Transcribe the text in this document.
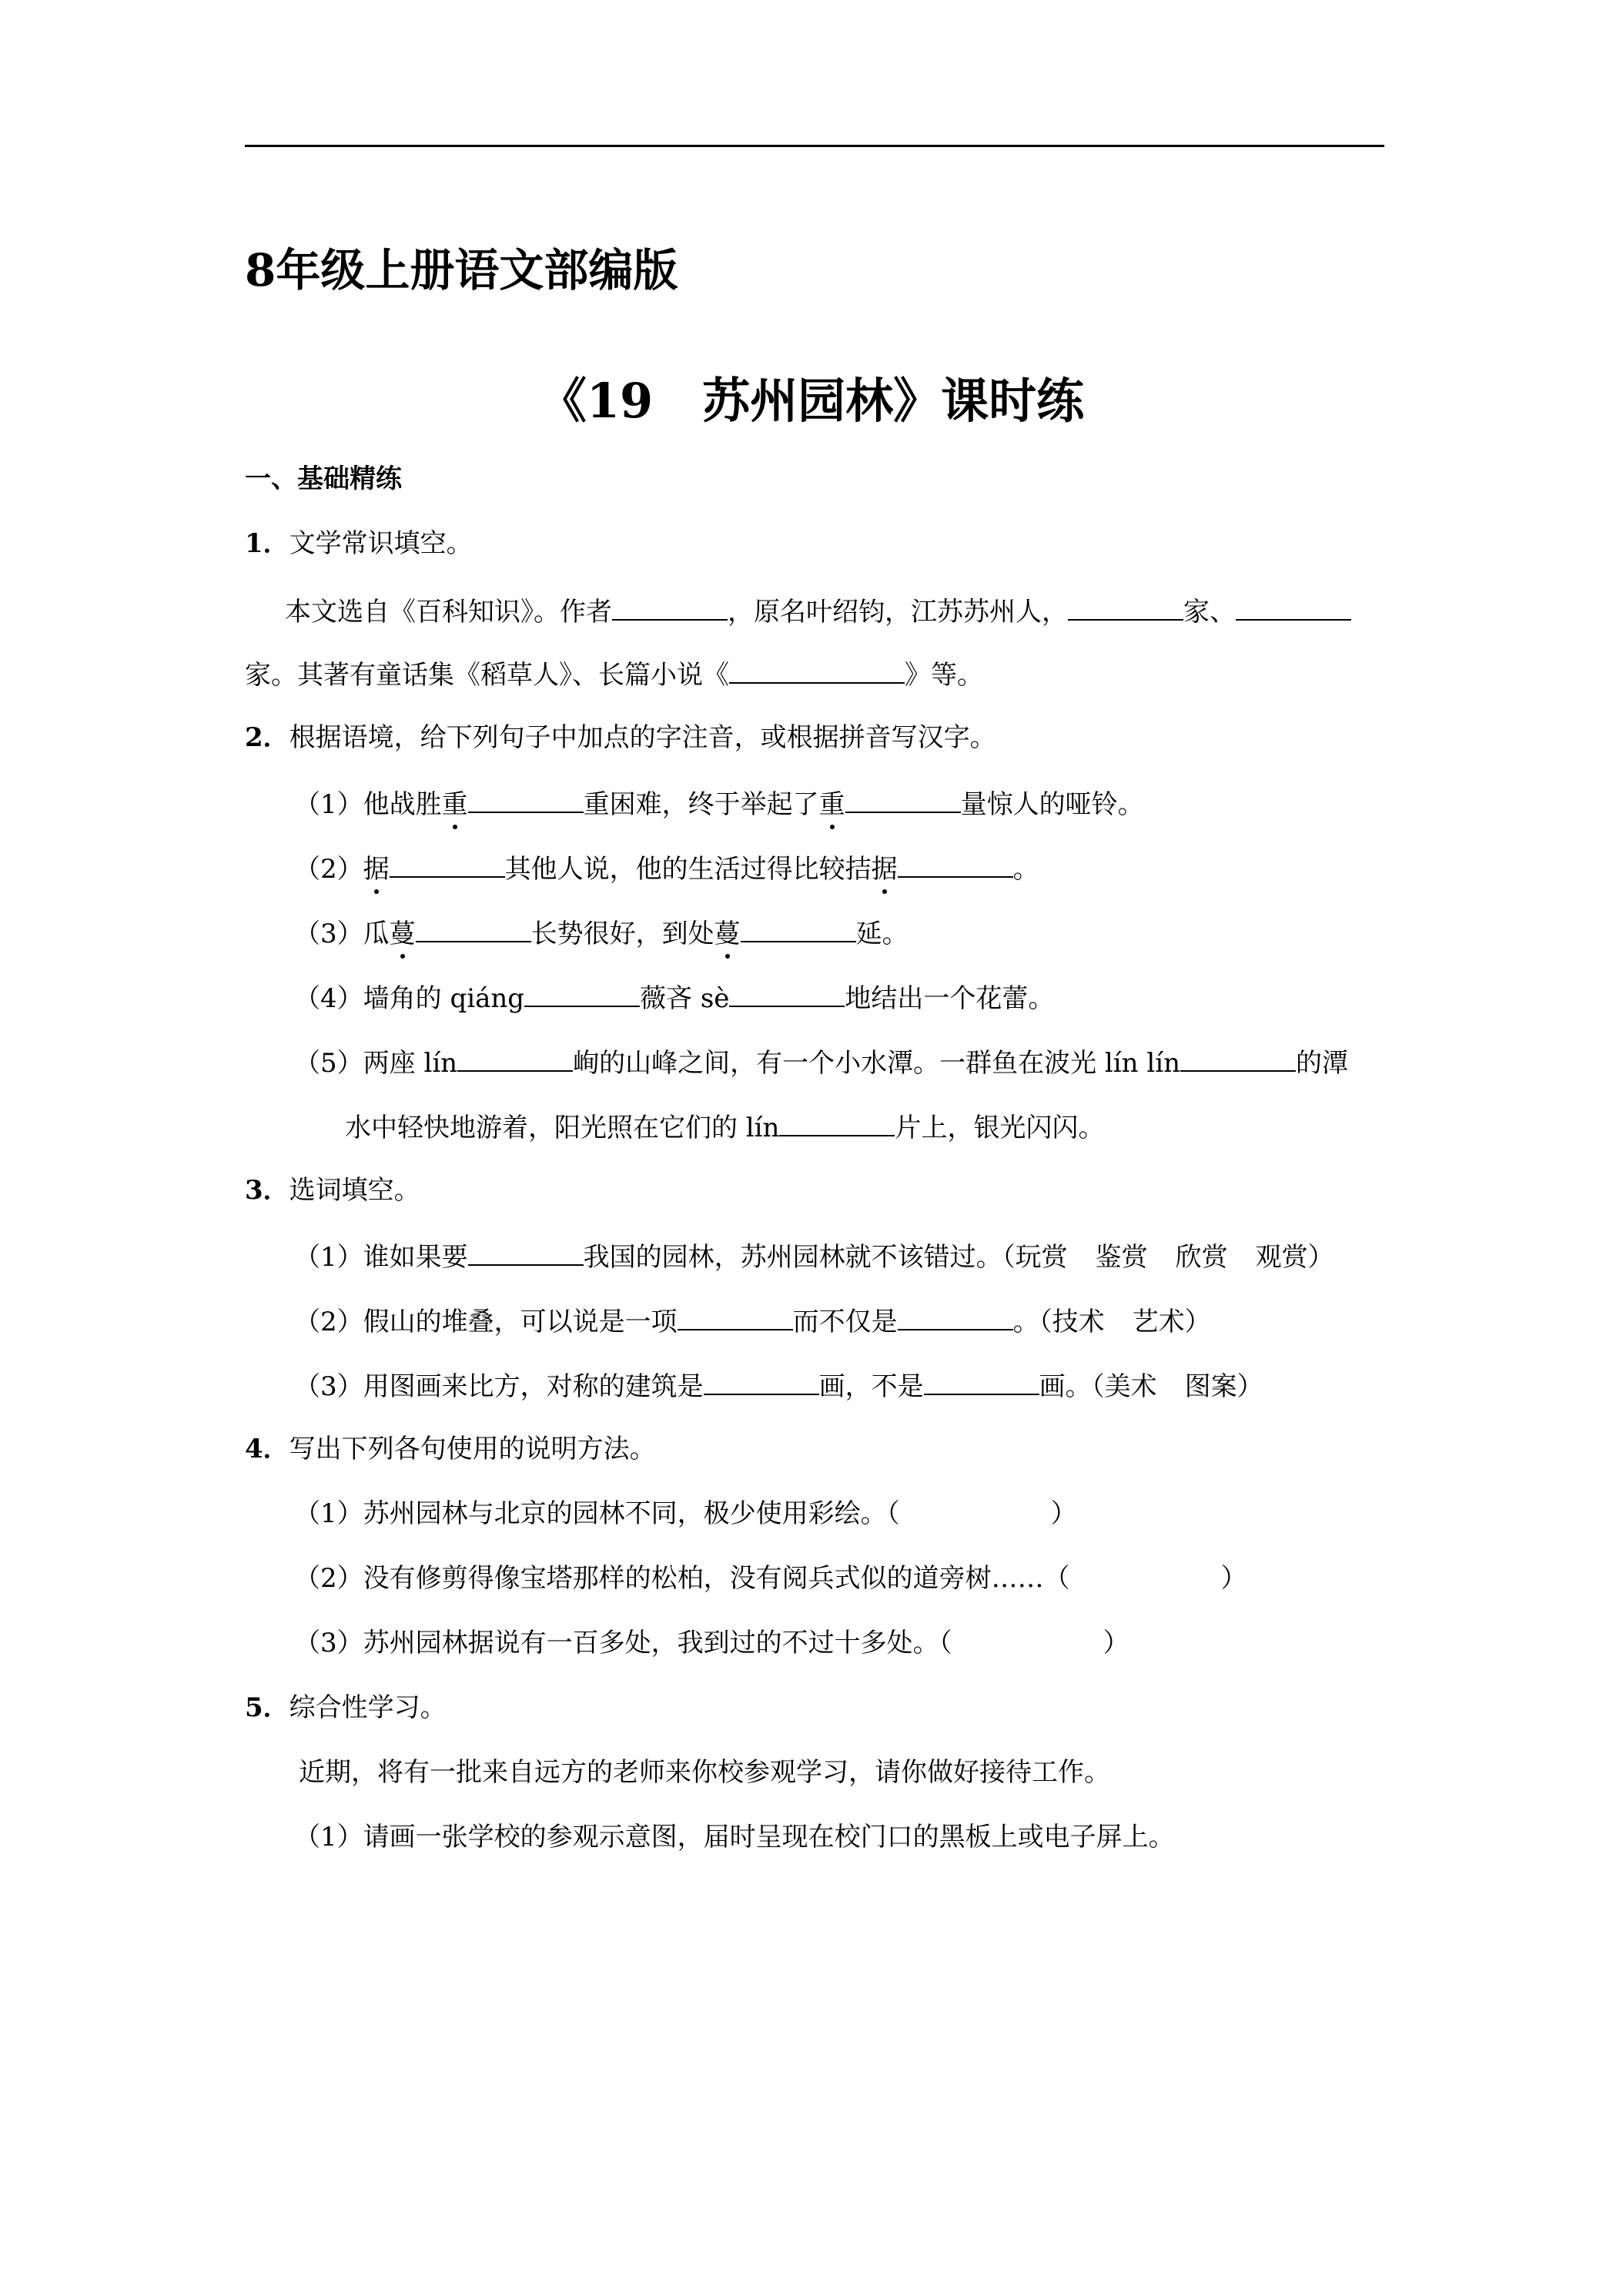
8年级上册语文部编版
《19 苏州园林》课时练
一、基础精练
1．文学常识填空。
本文选自《百科知识》。作者	，原名叶绍钧，江苏苏州人，	家、
家。其著有童话集《稻草人》、长篇小说《	》等。
2．根据语境，给下列句子中加点的字注音，或根据拼音写汉字。
（1）他战胜重	重困难，终于举起了重	量惊人的哑铃。
（2）据	其他人说，他的生活过得比较拮据	。
（3）瓜蔓	长势很好，到处蔓	延。
（4）墙角的 qiáng	薇吝 sè	地结出一个花蕾。
（5）两座 lín	峋的山峰之间，有一个小水潭。一群鱼在波光 lín lín	的潭
水中轻快地游着，阳光照在它们的 lín	片上，银光闪闪。
3．选词填空。
（1）谁如果要	我国的园林，苏州园林就不该错过。（玩赏 鉴赏 欣赏 观赏）
（2）假山的堆叠，可以说是一项	而不仅是	。（技术 艺术）
（3）用图画来比方，对称的建筑是	画，不是	画。（美术 图案）
4．写出下列各句使用的说明方法。
（1）苏州园林与北京的园林不同，极少使用彩绘。（	）
（2）没有修剪得像宝塔那样的松柏，没有阅兵式似的道旁树……（	）
（3）苏州园林据说有一百多处，我到过的不过十多处。（	）
5．综合性学习。
近期，将有一批来自远方的老师来你校参观学习，请你做好接待工作。
（1）请画一张学校的参观示意图，届时呈现在校门口的黑板上或电子屏上。
